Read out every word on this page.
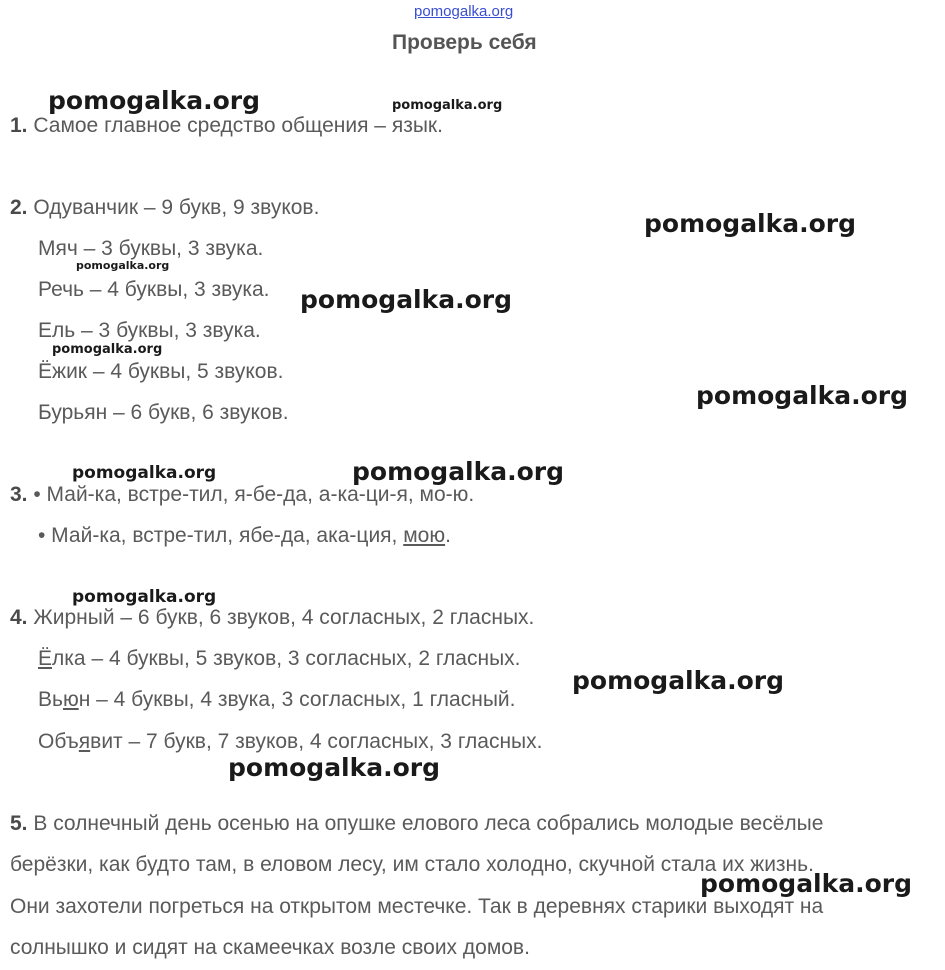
pomogalka.org
Проверь себя
1. Самое главное средство общения – язык.
2. Одуванчик – 9 букв, 9 звуков.
Мяч – 3 буквы, 3 звука.
Речь – 4 буквы, 3 звука.
Ель – 3 буквы, 3 звука.
Ёжик – 4 буквы, 5 звуков.
Бурьян – 6 букв, 6 звуков.
3. • Май-ка, встре-тил, я-бе-да, а-ка-ци-я, мо-ю.
• Май-ка, встре-тил, ябе-да, ака-ция, мою.
4. Жирный – 6 букв, 6 звуков, 4 согласных, 2 гласных.
Ёлка – 4 буквы, 5 звуков, 3 согласных, 2 гласных.
Вьюн – 4 буквы, 4 звука, 3 согласных, 1 гласный.
Объявит – 7 букв, 7 звуков, 4 согласных, 3 гласных.
5. В солнечный день осенью на опушке елового леса собрались молодые весёлые
берёзки, как будто там, в еловом лесу, им стало холодно, скучной стала их жизнь.
Они захотели погреться на открытом местечке. Так в деревнях старики выходят на
солнышко и сидят на скамеечках возле своих домов.
pomogalka.org	pomogalka.org
pomogalka.org
pomogalka.org
pomogalka.org
pomogalka.org
pomogalka.org
pomogalka.org	pomogalka.org
pomogalka.org
pomogalka.org
pomogalka.org
pomogalka.org
